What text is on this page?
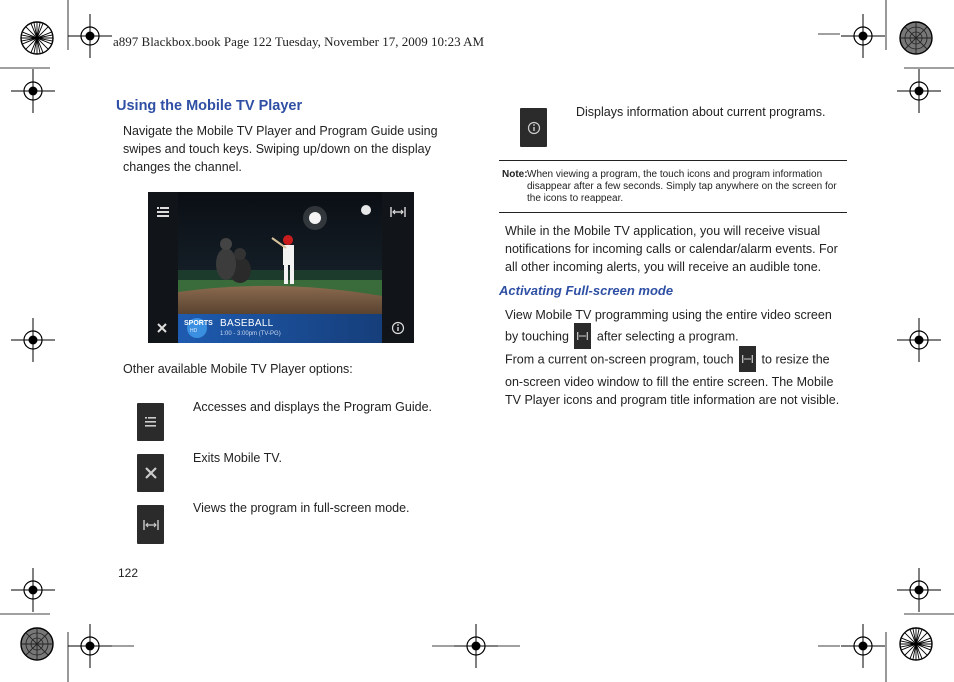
a897 Blackbox.book Page 122 Tuesday, November 17, 2009 10:23 AM
Using the Mobile TV Player
Navigate the Mobile TV Player and Program Guide using swipes and touch keys. Swiping up/down on the display changes the channel.
SPORTS
HD
BASEBALL
1:00 - 3:00pm (TV-PG)
Other available Mobile TV Player options:
Accesses and displays the Program Guide.
Exits Mobile TV.
Views the program in full-screen mode.
122
Displays information about current programs.
Note: When viewing a program, the touch icons and program information disappear after a few seconds. Simply tap anywhere on the screen for the icons to reappear.
While in the Mobile TV application, you will receive visual notifications for incoming calls or calendar/alarm events. For all other incoming alerts, you will receive an audible tone.
Activating Full-screen mode
View Mobile TV programming using the entire video screen by touching after selecting a program.
From a current on-screen program, touch to resize the on-screen video window to fill the entire screen. The Mobile TV Player icons and program title information are not visible.
